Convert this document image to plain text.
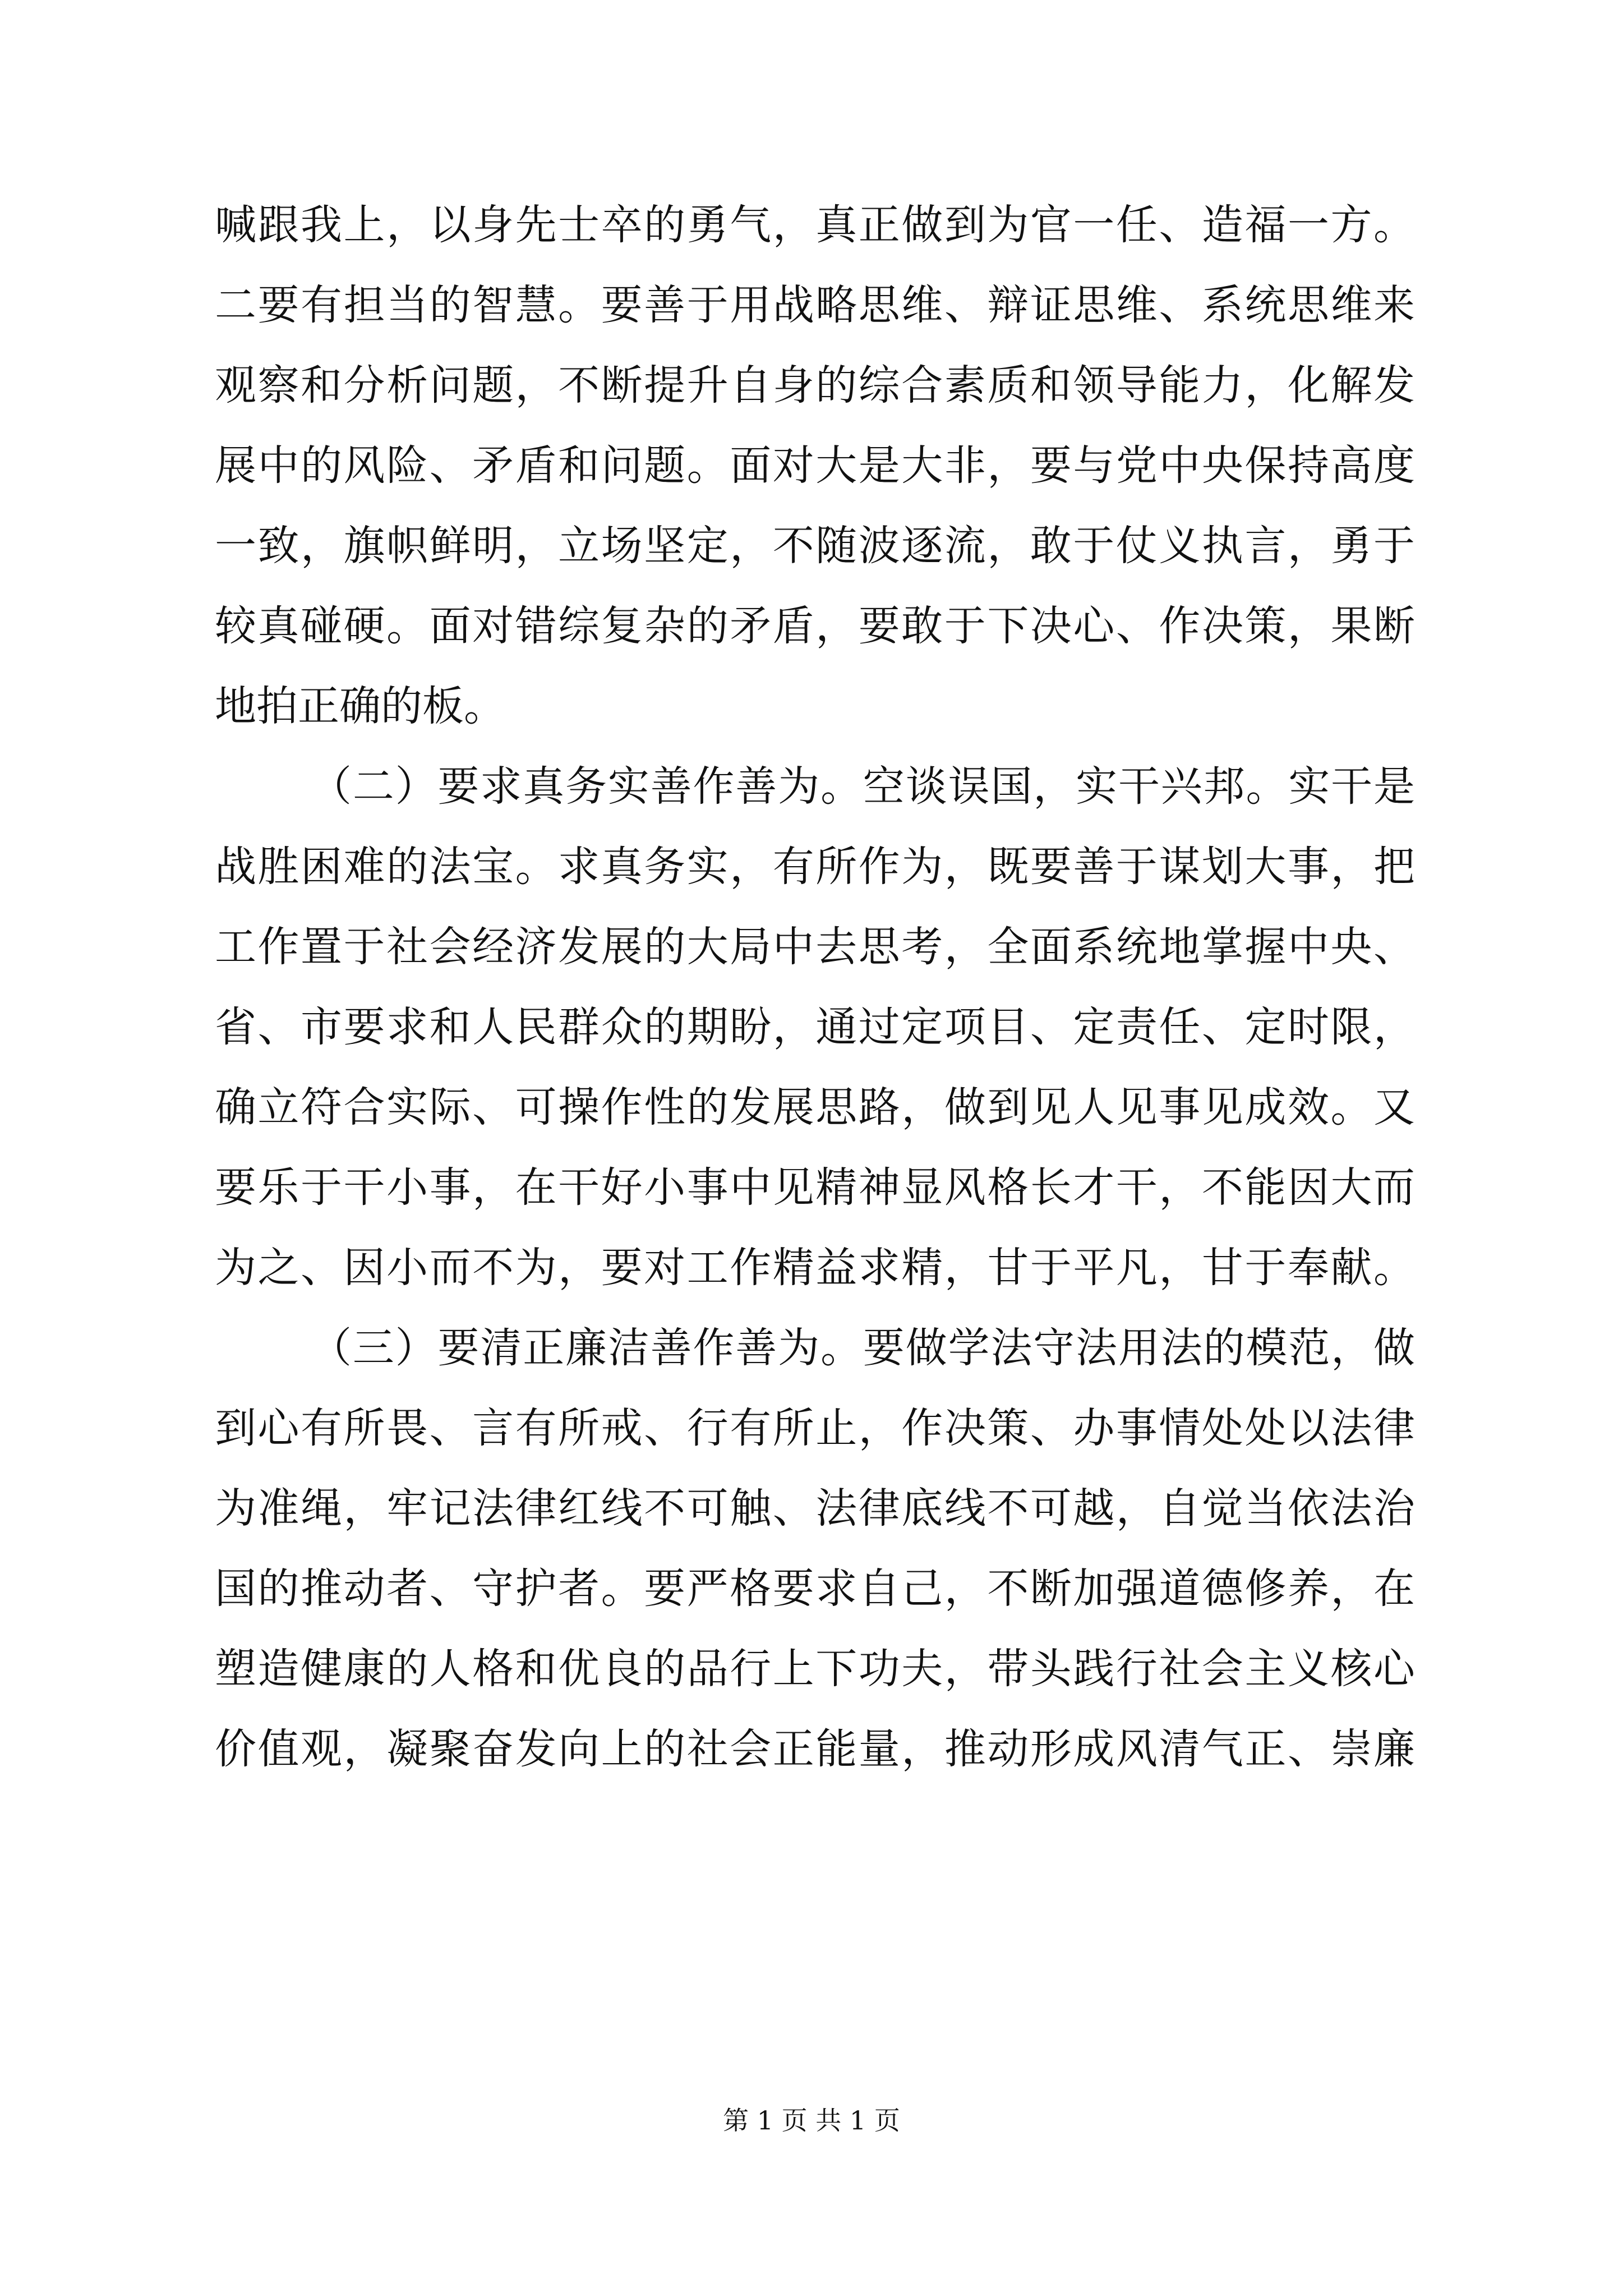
喊跟我上，以身先士卒的勇气，真正做到为官一任、造福一方。
二要有担当的智慧。要善于用战略思维、辩证思维、系统思维来
观察和分析问题，不断提升自身的综合素质和领导能力，化解发
展中的风险、矛盾和问题。面对大是大非，要与党中央保持高度
一致，旗帜鲜明，立场坚定，不随波逐流，敢于仗义执言，勇于
较真碰硬。面对错综复杂的矛盾，要敢于下决心、作决策，果断
地拍正确的板。
（二）要求真务实善作善为。空谈误国，实干兴邦。实干是
战胜困难的法宝。求真务实，有所作为，既要善于谋划大事，把
工作置于社会经济发展的大局中去思考，全面系统地掌握中央、
省、市要求和人民群众的期盼，通过定项目、定责任、定时限，
确立符合实际、可操作性的发展思路，做到见人见事见成效。又
要乐于干小事，在干好小事中见精神显风格长才干，不能因大而
为之、因小而不为，要对工作精益求精，甘于平凡，甘于奉献。
（三）要清正廉洁善作善为。要做学法守法用法的模范，做
到心有所畏、言有所戒、行有所止，作决策、办事情处处以法律
为准绳，牢记法律红线不可触、法律底线不可越，自觉当依法治
国的推动者、守护者。要严格要求自己，不断加强道德修养，在
塑造健康的人格和优良的品行上下功夫，带头践行社会主义核心
价值观，凝聚奋发向上的社会正能量，推动形成风清气正、崇廉
第 1 页 共 1 页
